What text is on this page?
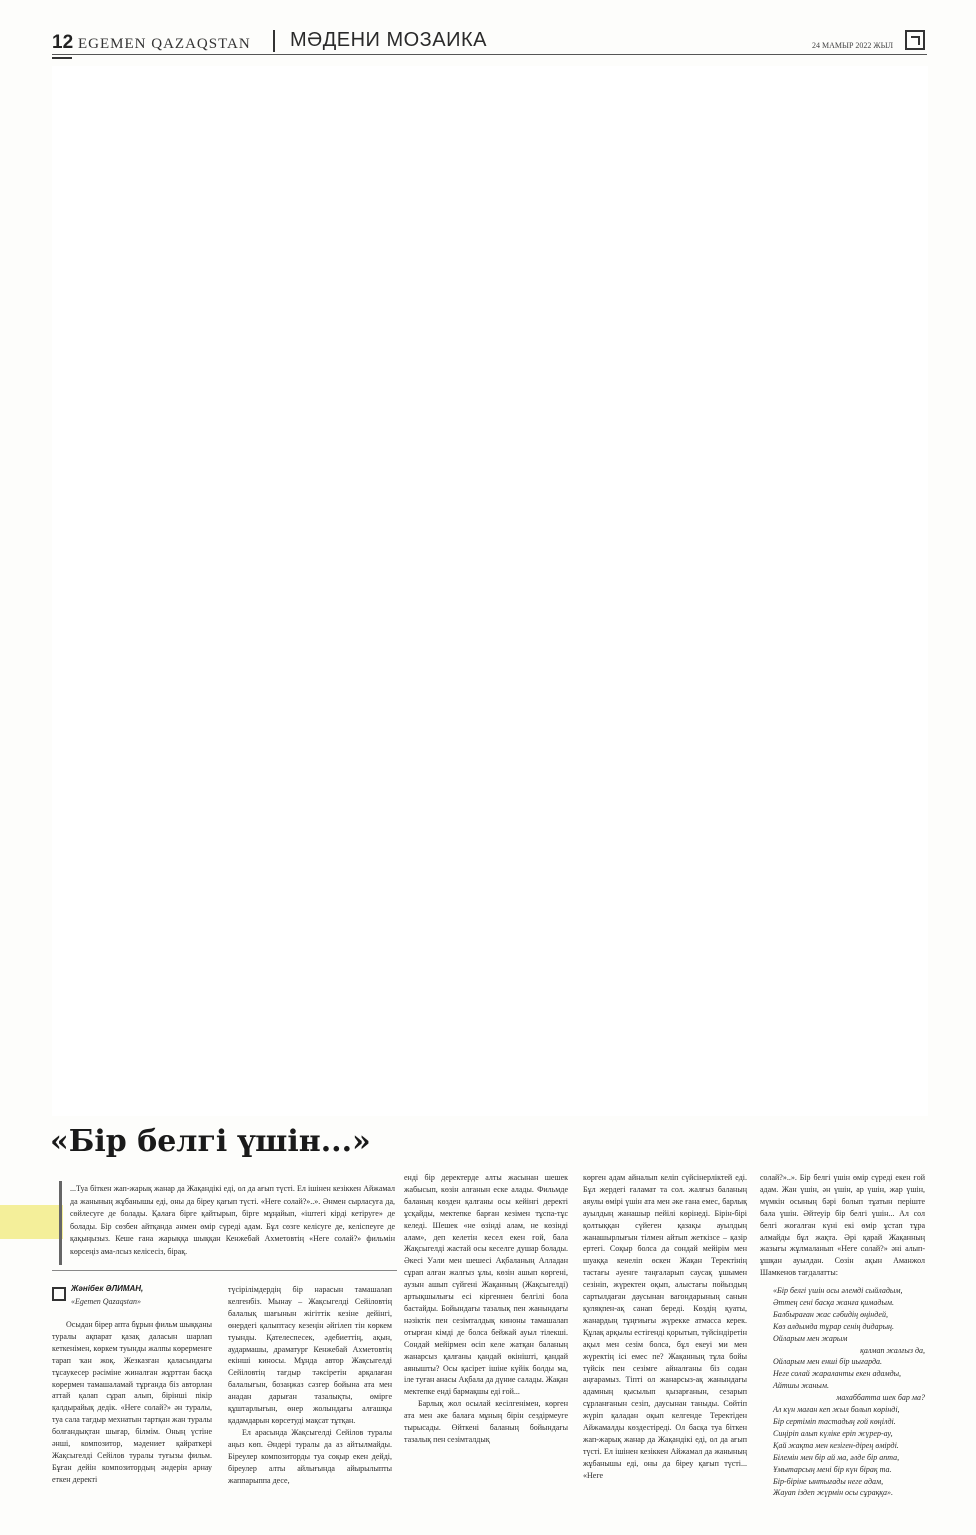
12 EGEMEN QAZAQSTAN МӘДЕНИ МОЗАИКА	24 МАМЫР 2022 ЖЫЛ
«Бір белгі үшін...»
...Туа біткен жап-жарық жанар да Жақандікі еді, ол да ағып түсті. Ел ішінен кезіккен Айжамал да жанының жұбанышы еді, оны да біреу қағып түсті. «Неге солай?»..». Әнмен сырласуға да, сөйлесуге де болады. Қалаға бірге қайтырып, бірге мұңайып, «іштегі кірді кетіруге» де болады. Бір сөзбен айтқанда әнмен өмір сүреді адам. Бұл сөзге келісуге де, келіспеуге де қақыңызыз. Кеше ғана жарыққа шыққан Кенжебай Ахметовтің «Неге солай?» фильмін көрсеңіз ама-лсыз келісесіз, бірақ.
Жәнібек ӘЛИМАН,
«Egemen Qazaqstan»

Осыдан бірер апта бұрын фильм шыққаны туралы ақпарат қазақ даласын шарлап кеткенімен, көркем туынды жалпы көрерменге тарап ҡан жоқ. Жезказган қаласындағы тұсаукесер рәсіміне жиналған жұрттан басқа көрермен тамашаламай тұрғанда біз авторлан аттай қалап сұрап алып, бірінші пікір қалдырайық дедік. «Неге солай?» ән туралы, туа сала тағдыр мехнатын тартқан жан туралы болғандықтан шығар, білмім. Оның үстіне әнші, композитор, мәдениет қайраткері Жақсыгелді Сейілов туралы туғызы фильм. Бұған дейін композитордың әндерін арнау еткен деректі

түсірілімдердің бір нарасын тамашалап келгенбіз. Мынау – Жақсыгелді Сейіловтің балалық шағынын жігіттік кезіне дейінгі, өнердегі қалыптасу кезеңін әйгілеп тін көркем туынды. Қателеспесек, әдебиеттің, ақын, аудармашы, драматург Кенжебай Ахметовтің екінші киносы. Мұнда автор Жақсыгелді Сейіловтің тағдыр тәксіретін арқалаған балалығын, бозаңжаз сәзгер бойына ата мен анадан дарыған тазалықты, өміргe құштарлығын, өнер жолындағы алғашқы қадамдарын көрсетуді мақсат тұтқан.

Ел арасында Жақсыгелді Сейілов туралы аңыз көп. Әндері туралы да аз айтылмайды. Біреулер композиторды туа соқыр екен дейді, біреулер алты айлығында айырылыпты жаппарыппа десе,

енді бір деректерде алты жасынан шешек жабысып, көзін алғанын еске алады. Фильмде баланың көзден қалғаны осы кейінгі деректі ұсқайды, мектепке барған кезімен тұспа-тұс келеді. Шешек «не өзінді алам, не көзінді алам», деп келетін кесел екен ғой, бала Жақсыгелді жастай осы кеселге душар болады. Әкесі Уәли мен шешесі Ақбаланың Алладан сұрап алған жалғыз ұлы, көзін ашып көргенi, аузын ашып сүйгені Жақанның (Жақсыгелді) артықшылығы есі кіргеннен белгілі бола бастайды. Бойындағы тазалық пен жанындағы нәзіктік пен сезімталдық киноны тамашалап отырған кімді де болса бейжай ауыл тілекші. Сондай мейірмен өсіп келе жатқан баланың жанарсыз қалғаны қандай өкінішті, қандай аянышты? Осы қасірет ішіне күйік болды ма, іле туған анасы Ақбала да дүние салады. Жақан мектепке енді бармақшы еді ғой...

Барлық жол осылай кесілгенімен, көрген ата мен әке балаға мұның бірін сездірмеуге тырысады. Өйткені баланың бойындағы тазалық пен сезімталдық

көрген адам айналып келіп сүйсінерліктей еді. Бұл жердегі ғаламат та сол. жалғыз баланың аяулы өмірі үшін ата мен әке ғана емес, барлық ауылдың жанашыр пейілі көрінеді. Бірін-бірі қолтыққан сүйеген қазақы ауылдың жанашырлығын тілмен айтып жеткізсе – қазір ертегі. Соқыр болса да сондай мейірім мен шуаққа кенеліп өскен Жақан Теректінің тастағы әуенге таңғаларып саусақ ұшымен сезініп, жүректен оқып, алыстағы пойыздың сартылдаған даусынан вагондарының санын қуляқпен-ақ санап береді. Көздің қуаты, жанардың тұңғиығы жүрекке атмасса керек. Құлақ арқылы естігенді қорытып, түйсіндіретін ақыл мен сезім болса, бұл екеуі ми мен жүректің ісі емес пе? Жақанның тұла бойы түйсік пен сезімге айналғаны біз содан аңғарамыз. Тіпті ол жанарсыз-ақ жанындағы адамның қысылып қызарғанын, сезарып сұрланғанын сезіп, даусынан таныды. Сөйтіп жүріп қаладан оқып келгенде Теректіден Айжамалды көздестіреді. Ол басқа туа біткен жап-жарық жанар да Жақандікі еді, ол да ағып түсті. Ел ішінен кезіккен Айжамал да жанының жұбанышы еді, оны да біреу қағып түсті... «Неге

солай?»..». Бір белгі үшін өмір сүреді екен ғой адам. Жан үшін, ән үшін, ар үшін, жар үшін, мүмкін осының бәрі болып тұатын періште бала үшін. Әйтеуір бір белгі үшін... Ал сол белгі жоғалған күні екі өмір ұстап тұра алмайды бұл жақта. Әрі қарай Жақанның жазығы жұлмаланып «Неге солай?» әні алып-ұшқан ауылдан. Сөзін ақын Аманжол Шамкенов тағдалатты:

«Бір белгі үшін осы әлемді сыйладым,
Әттең сені басқа жанға қимадым.
Балбыраған жас сәбидің өңіндей,
Көз алдымда тұрар сенің дидарың.
Ойларым мен жарым
қалмап жалғыз да,
Ойларым мен енші бір иығарда.
Неге солай жараланты екен адамды,
Айтшы жаным.
махаббатта шек бар ма?
Ал күн маған кеп жыл болып көрінді,
Бір сертіміп тастадың ғой көңілді.
Сиңіріп алып күліке еріп жүрер-ау,
Қай жақта мен кезіген-дірең өмірді.
Білемін мен бір ай ма, әлде бір апта,
Ұмытарсың мені бір күн бірақ та.
Бір-біріне ынтығады неге адам,
Жауап іздеп жүрмін осы сұраққа».
